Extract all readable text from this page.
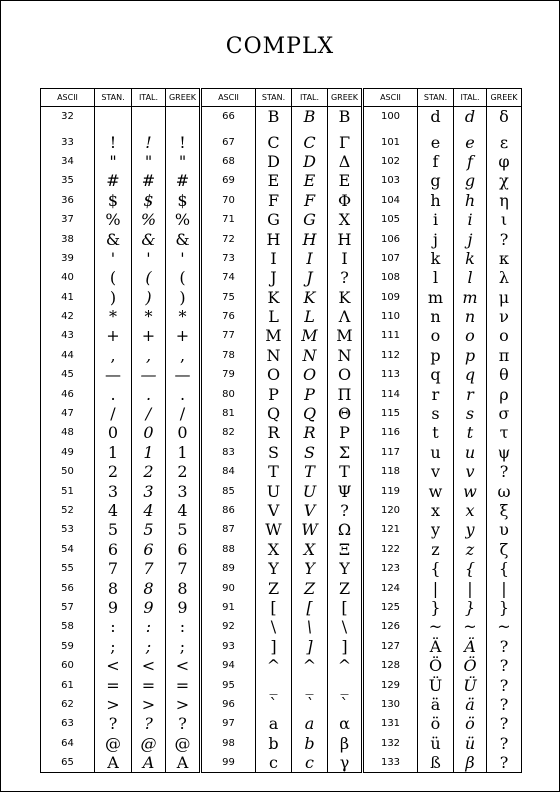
COMPLX
ASCII	STAN.	ITAL.	GREEK	ASCII	STAN.	ITAL.	GREEK	ASCII	STAN.	ITAL.	GREEK
32				66	B	B	Β	100	d	d	δ
33	!	!	!	67	C	C	Γ	101	e	e	ε
34	"	"	"	68	D	D	Δ	102	f	f	φ
35	#	#	#	69	E	E	Ε	103	g	g	χ
36	$	$	$	70	F	F	Φ	104	h	h	η
37	%	%	%	71	G	G	Χ	105	i	i	ι
38	&	&	&	72	H	H	Η	106	j	j	?
39	'	'	'	73	I	I	Ι	107	k	k	κ
40	(	(	(	74	J	J	?	108	l	l	λ
41	)	)	)	75	K	K	Κ	109	m	m	μ
42	*	*	*	76	L	L	Λ	110	n	n	ν
43	+	+	+	77	M	M	Μ	111	o	o	ο
44	,	,	,	78	N	N	Ν	112	p	p	π
45	—	—	—	79	O	O	Ο	113	q	q	θ
46	.	.	.	80	P	P	Π	114	r	r	ρ
47	/	/	/	81	Q	Q	Θ	115	s	s	σ
48	0	0	0	82	R	R	Ρ	116	t	t	τ
49	1	1	1	83	S	S	Σ	117	u	u	ψ
50	2	2	2	84	T	T	Τ	118	v	v	?
51	3	3	3	85	U	U	Ψ	119	w	w	ω
52	4	4	4	86	V	V	?	120	x	x	ξ
53	5	5	5	87	W	W	Ω	121	y	y	υ
54	6	6	6	88	X	X	Ξ	122	z	z	ζ
55	7	7	7	89	Y	Y	Υ	123	{	{	{
56	8	8	8	90	Z	Z	Ζ	124	|	|	|
57	9	9	9	91	[	[	[	125	}	}	}
58	:	:	:	92	\	\	\	126	~	~	~
59	;	;	;	93	]	]	]	127	Ä	Ä	?
60	<	<	<	94	^	^	^	128	Ö	Ö	?
61	=	=	=	95	_	_	_	129	Ü	Ü	?
62	>	>	>	96	`	`	`	130	ä	ä	?
63	?	?	?	97	a	a	α	131	ö	ö	?
64	@	@	@	98	b	b	β	132	ü	ü	?
65	A	A	A	99	c	c	γ	133	ß	β	?
